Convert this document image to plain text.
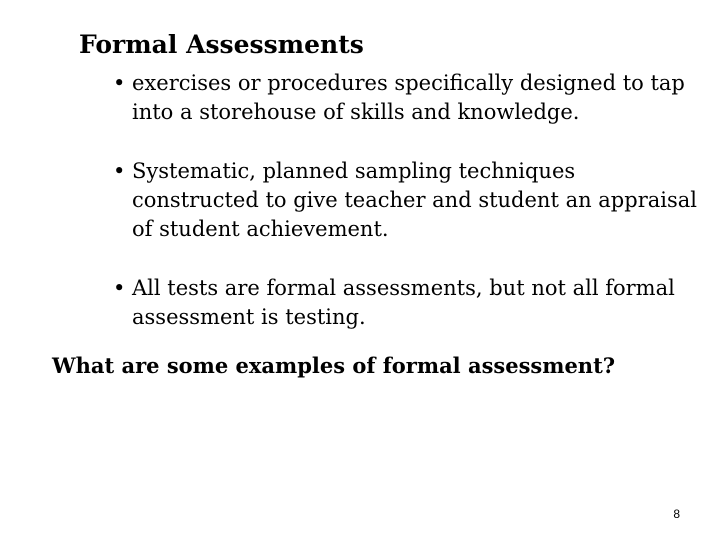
Formal Assessments
• exercises or procedures specifically designed to tap into a storehouse of skills and knowledge.
• Systematic, planned sampling techniques constructed to give teacher and student an appraisal of student achievement.
• All tests are formal assessments, but not all formal assessment is testing.
What are some examples of formal assessment?
8
